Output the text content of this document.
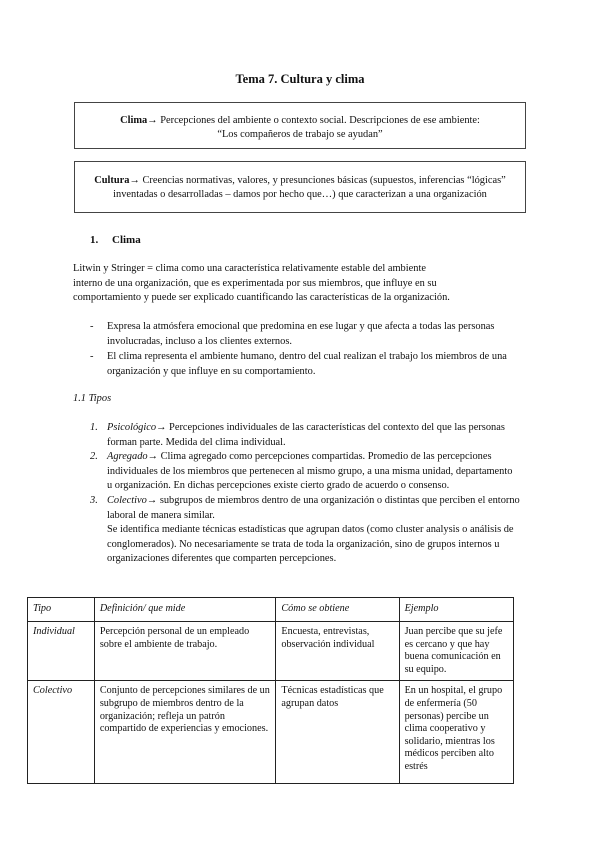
Tema 7. Cultura y clima
Clima→ Percepciones del ambiente o contexto social. Descripciones de ese ambiente:
“Los compañeros de trabajo se ayudan”
Cultura→ Creencias normativas, valores, y presunciones básicas (supuestos, inferencias “lógicas”
inventadas o desarrolladas – damos por hecho que…) que caracterizan a una organización
1. Clima

Litwin y Stringer = clima como una característica relativamente estable del ambiente

interno de una organización, que es experimentada por sus miembros, que influye en su

comportamiento y puede ser explicado cuantificando las características de la organización.

- Expresa la atmósfera emocional que predomina en ese lugar y que afecta a todas las personas involucradas, incluso a los clientes externos.
- El clima representa el ambiente humano, dentro del cual realizan el trabajo los miembros de una organización y que influye en su comportamiento.
1.1 Tipos
1. Psicológico→ Percepciones individuales de las características del contexto del que las personas forman parte. Medida del clima individual.
2. Agregado→ Clima agregado como percepciones compartidas. Promedio de las percepciones individuales de los miembros que pertenecen al mismo grupo, a una misma unidad, departamento u organización. En dichas percepciones existe cierto grado de acuerdo o consenso.
3. Colectivo→ subgrupos de miembros dentro de una organización o distintas que perciben el entorno laboral de manera similar.
Se identifica mediante técnicas estadísticas que agrupan datos (como cluster analysis o análisis de conglomerados). No necesariamente se trata de toda la organización, sino de grupos internos u organizaciones diferentes que comparten percepciones.
Tipo	Definición/ que mide	Cómo se obtiene	Ejemplo
Individual	Percepción personal de un empleado sobre el ambiente de trabajo.	Encuesta, entrevistas, observación individual	Juan percibe que su jefe es cercano y que hay buena comunicación en su equipo.
Colectivo	Conjunto de percepciones similares de un subgrupo de miembros dentro de la organización; refleja un patrón compartido de experiencias y emociones.	Técnicas estadísticas que agrupan datos	En un hospital, el grupo de enfermería (50 personas) percibe un clima cooperativo y solidario, mientras los médicos perciben alto estrés
